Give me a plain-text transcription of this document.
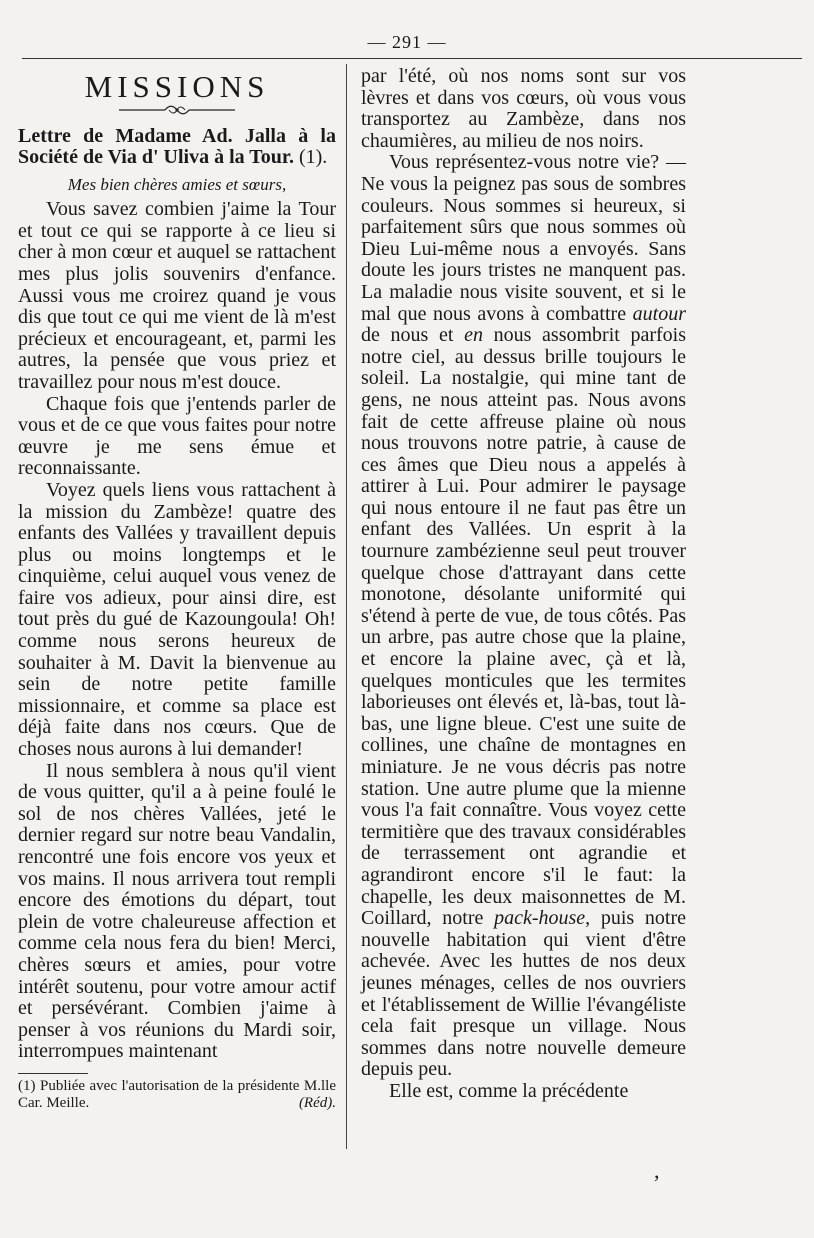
— 291 —
MISSIONS
Lettre de Madame Ad. Jalla à la Société de Via d' Uliva à la Tour. (1).
Mes bien chères amies et sœurs,

Vous savez combien j'aime la Tour et tout ce qui se rapporte à ce lieu si cher à mon cœur et auquel se rattachent mes plus jolis souvenirs d'enfance. Aussi vous me croirez quand je vous dis que tout ce qui me vient de là m'est précieux et encourageant, et, parmi les autres, la pensée que vous priez et travaillez pour nous m'est douce.

Chaque fois que j'entends parler de vous et de ce que vous faites pour notre œuvre je me sens émue et reconnaissante.

Voyez quels liens vous rattachent à la mission du Zambèze! quatre des enfants des Vallées y travaillent depuis plus ou moins longtemps et le cinquième, celui auquel vous venez de faire vos adieux, pour ainsi dire, est tout près du gué de Kazoungoula! Oh! comme nous serons heureux de souhaiter à M. Davit la bienvenue au sein de notre petite famille missionnaire, et comme sa place est déjà faite dans nos cœurs. Que de choses nous aurons à lui demander!

Il nous semblera à nous qu'il vient de vous quitter, qu'il a à peine foulé le sol de nos chères Vallées, jeté le dernier regard sur notre beau Vandalin, rencontré une fois encore vos yeux et vos mains. Il nous arrivera tout rempli encore des émotions du départ, tout plein de votre chaleureuse affection et comme cela nous fera du bien! Merci, chères sœurs et amies, pour votre intérêt soutenu, pour votre amour actif et persévérant. Combien j'aime à penser à vos réunions du Mardi soir, interrompues maintenant

(1) Publiée avec l'autorisation de la présidente M.lle Car. Meille.	(Réd).

par l'été, où nos noms sont sur vos lèvres et dans vos cœurs, où vous vous transportez au Zambèze, dans nos chaumières, au milieu de nos noirs.

Vous représentez-vous notre vie? — Ne vous la peignez pas sous de sombres couleurs. Nous sommes si heureux, si parfaitement sûrs que nous sommes où Dieu Lui-même nous a envoyés. Sans doute les jours tristes ne manquent pas. La maladie nous visite souvent, et si le mal que nous avons à combattre autour de nous et en nous assombrit parfois notre ciel, au dessus brille toujours le soleil. La nostalgie, qui mine tant de gens, ne nous atteint pas. Nous avons fait de cette affreuse plaine où nous nous trouvons notre patrie, à cause de ces âmes que Dieu nous a appelés à attirer à Lui. Pour admirer le paysage qui nous entoure il ne faut pas être un enfant des Vallées. Un esprit à la tournure zambézienne seul peut trouver quelque chose d'attrayant dans cette monotone, désolante uniformité qui s'étend à perte de vue, de tous côtés. Pas un arbre, pas autre chose que la plaine, et encore la plaine avec, çà et là, quelques monticules que les termites laborieuses ont élevés et, là-bas, tout là-bas, une ligne bleue. C'est une suite de collines, une chaîne de montagnes en miniature. Je ne vous décris pas notre station. Une autre plume que la mienne vous l'a fait connaître. Vous voyez cette termitière que des travaux considérables de terrassement ont agrandie et agrandiront encore s'il le faut: la chapelle, les deux maisonnettes de M. Coillard, notre pack-house, puis notre nouvelle habitation qui vient d'être achevée. Avec les huttes de nos deux jeunes ménages, celles de nos ouvriers et l'établissement de Willie l'évangéliste cela fait presque un village. Nous sommes dans notre nouvelle demeure depuis peu.

Elle est, comme la précédente

,
